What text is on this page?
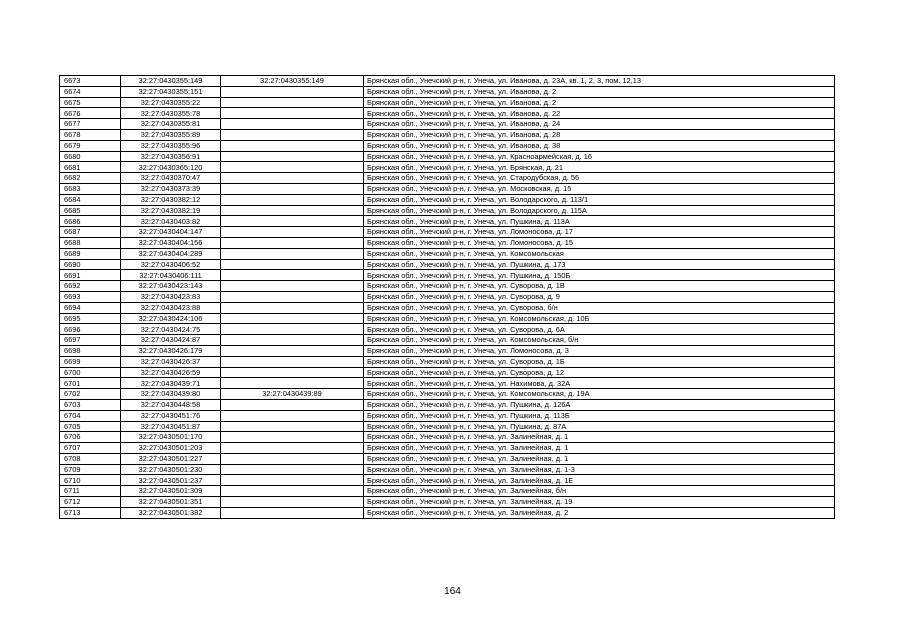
6673	32:27:0430355:149	32:27:0430355:149	Брянская обл., Унечский р-н, г. Унеча, ул. Иванова, д. 23А, кв. 1, 2, 3, пом. 12,13
6674	32:27:0430355:151		Брянская обл., Унечский р-н, г. Унеча, ул. Иванова, д. 2
6675	32:27:0430355:22		Брянская обл., Унечский р-н, г. Унеча, ул. Иванова, д. 2
6676	32:27:0430355:78		Брянская обл., Унечский р-н, г. Унеча, ул. Иванова, д. 22
6677	32:27:0430355:81		Брянская обл., Унечский р-н, г. Унеча, ул. Иванова, д. 24
6678	32:27:0430355:89		Брянская обл., Унечский р-н, г. Унеча, ул. Иванова, д. 28
6679	32:27:0430355:96		Брянская обл., Унечский р-н, г. Унеча, ул. Иванова, д. 38
6680	32:27:0430356:91		Брянская обл., Унечский р-н, г. Унеча, ул. Красноармейская, д. 16
6681	32:27:0430365:120		Брянская обл., Унечский р-н, г. Унеча, ул. Брянская, д. 21
6682	32:27:0430370:47		Брянская обл., Унечский р-н, г. Унеча, ул. Стародубская, д. 56
6683	32:27:0430373:39		Брянская обл., Унечский р-н, г. Унеча, ул. Московская, д. 15
6684	32:27:0430382:12		Брянская обл., Унечский р-н, г. Унеча, ул. Володарского, д. 113/1
6685	32:27:0430382:19		Брянская обл., Унечский р-н, г. Унеча, ул. Володарского, д. 115А
6686	32:27:0430403:82		Брянская обл., Унечский р-н, г. Унеча, ул. Пушкина, д. 113А
6687	32:27:0430404:147		Брянская обл., Унечский р-н, г. Унеча, ул. Ломоносова, д. 17
6688	32:27:0430404:156		Брянская обл., Унечский р-н, г. Унеча, ул. Ломоносова, д. 15
6689	32:27:0430404:289		Брянская обл., Унечский р-н, г. Унеча, ул. Комсомольская
6690	32:27:0430406:52		Брянская обл., Унечский р-н, г. Унеча, ул. Пушкина, д. 173
6691	32:27:0430406:111		Брянская обл., Унечский р-н, г. Унеча, ул. Пушкина, д. 150Б
6692	32:27:0430423:143		Брянская обл., Унечский р-н, г. Унеча, ул. Суворова, д. 1В
6693	32:27:0430423:83		Брянская обл., Унечский р-н, г. Унеча, ул. Суворова, д. 9
6694	32:27:0430423:88		Брянская обл., Унечский р-н, г. Унеча, ул. Суворова, б/н
6695	32:27:0430424:106		Брянская обл., Унечский р-н, г. Унеча, ул. Комсомольская, д. 10Б
6696	32:27:0430424:75		Брянская обл., Унечский р-н, г. Унеча, ул. Суворова, д. 6А
6697	32:27:0430424:87		Брянская обл., Унечский р-н, г. Унеча, ул. Комсомольская, б/н
6698	32:27:0430426:179		Брянская обл., Унечский р-н, г. Унеча, ул. Ломоносова, д. 3
6699	32:27:0430426:37		Брянская обл., Унечский р-н, г. Унеча, ул. Суворова, д. 1Б
6700	32:27:0430426:59		Брянская обл., Унечский р-н, г. Унеча, ул. Суворова, д. 12
6701	32:27:0430439:71		Брянская обл., Унечский р-н, г. Унеча, ул. Нахимова, д. 32А
6702	32:27:0430439:80	32:27:0430439:89	Брянская обл., Унечский р-н, г. Унеча, ул. Комсомольская, д. 19А
6703	32:27:0430448:58		Брянская обл., Унечский р-н, г. Унеча, ул. Пушкина, д. 126А
6704	32:27:0430451:76		Брянская обл., Унечский р-н, г. Унеча, ул. Пушкина, д. 113Б
6705	32:27:0430451:87		Брянская обл., Унечский р-н, г. Унеча, ул. Пушкина, д. 87А
6706	32:27:0430501:170		Брянская обл., Унечский р-н, г. Унеча, ул. Залинейная, д. 1
6707	32:27:0430501:203		Брянская обл., Унечский р-н, г. Унеча, ул. Залинейная, д. 1
6708	32:27:0430501:227		Брянская обл., Унечский р-н, г. Унеча, ул. Залинейная, д. 1
6709	32:27:0430501:230		Брянская обл., Унечский р-н, г. Унеча, ул. Залинейная, д. 1-3
6710	32:27:0430501:237		Брянская обл., Унечский р-н, г. Унеча, ул. Залинейная, д. 1Е
6711	32:27:0430501:309		Брянская обл., Унечский р-н, г. Унеча, ул. Залинейная, б/н
6712	32:27:0430501:351		Брянская обл., Унечский р-н, г. Унеча, ул. Залинейная, д. 19
6713	32:27:0430501:382		Брянская обл., Унечский р-н, г. Унеча, ул. Залинейная, д. 2
164
